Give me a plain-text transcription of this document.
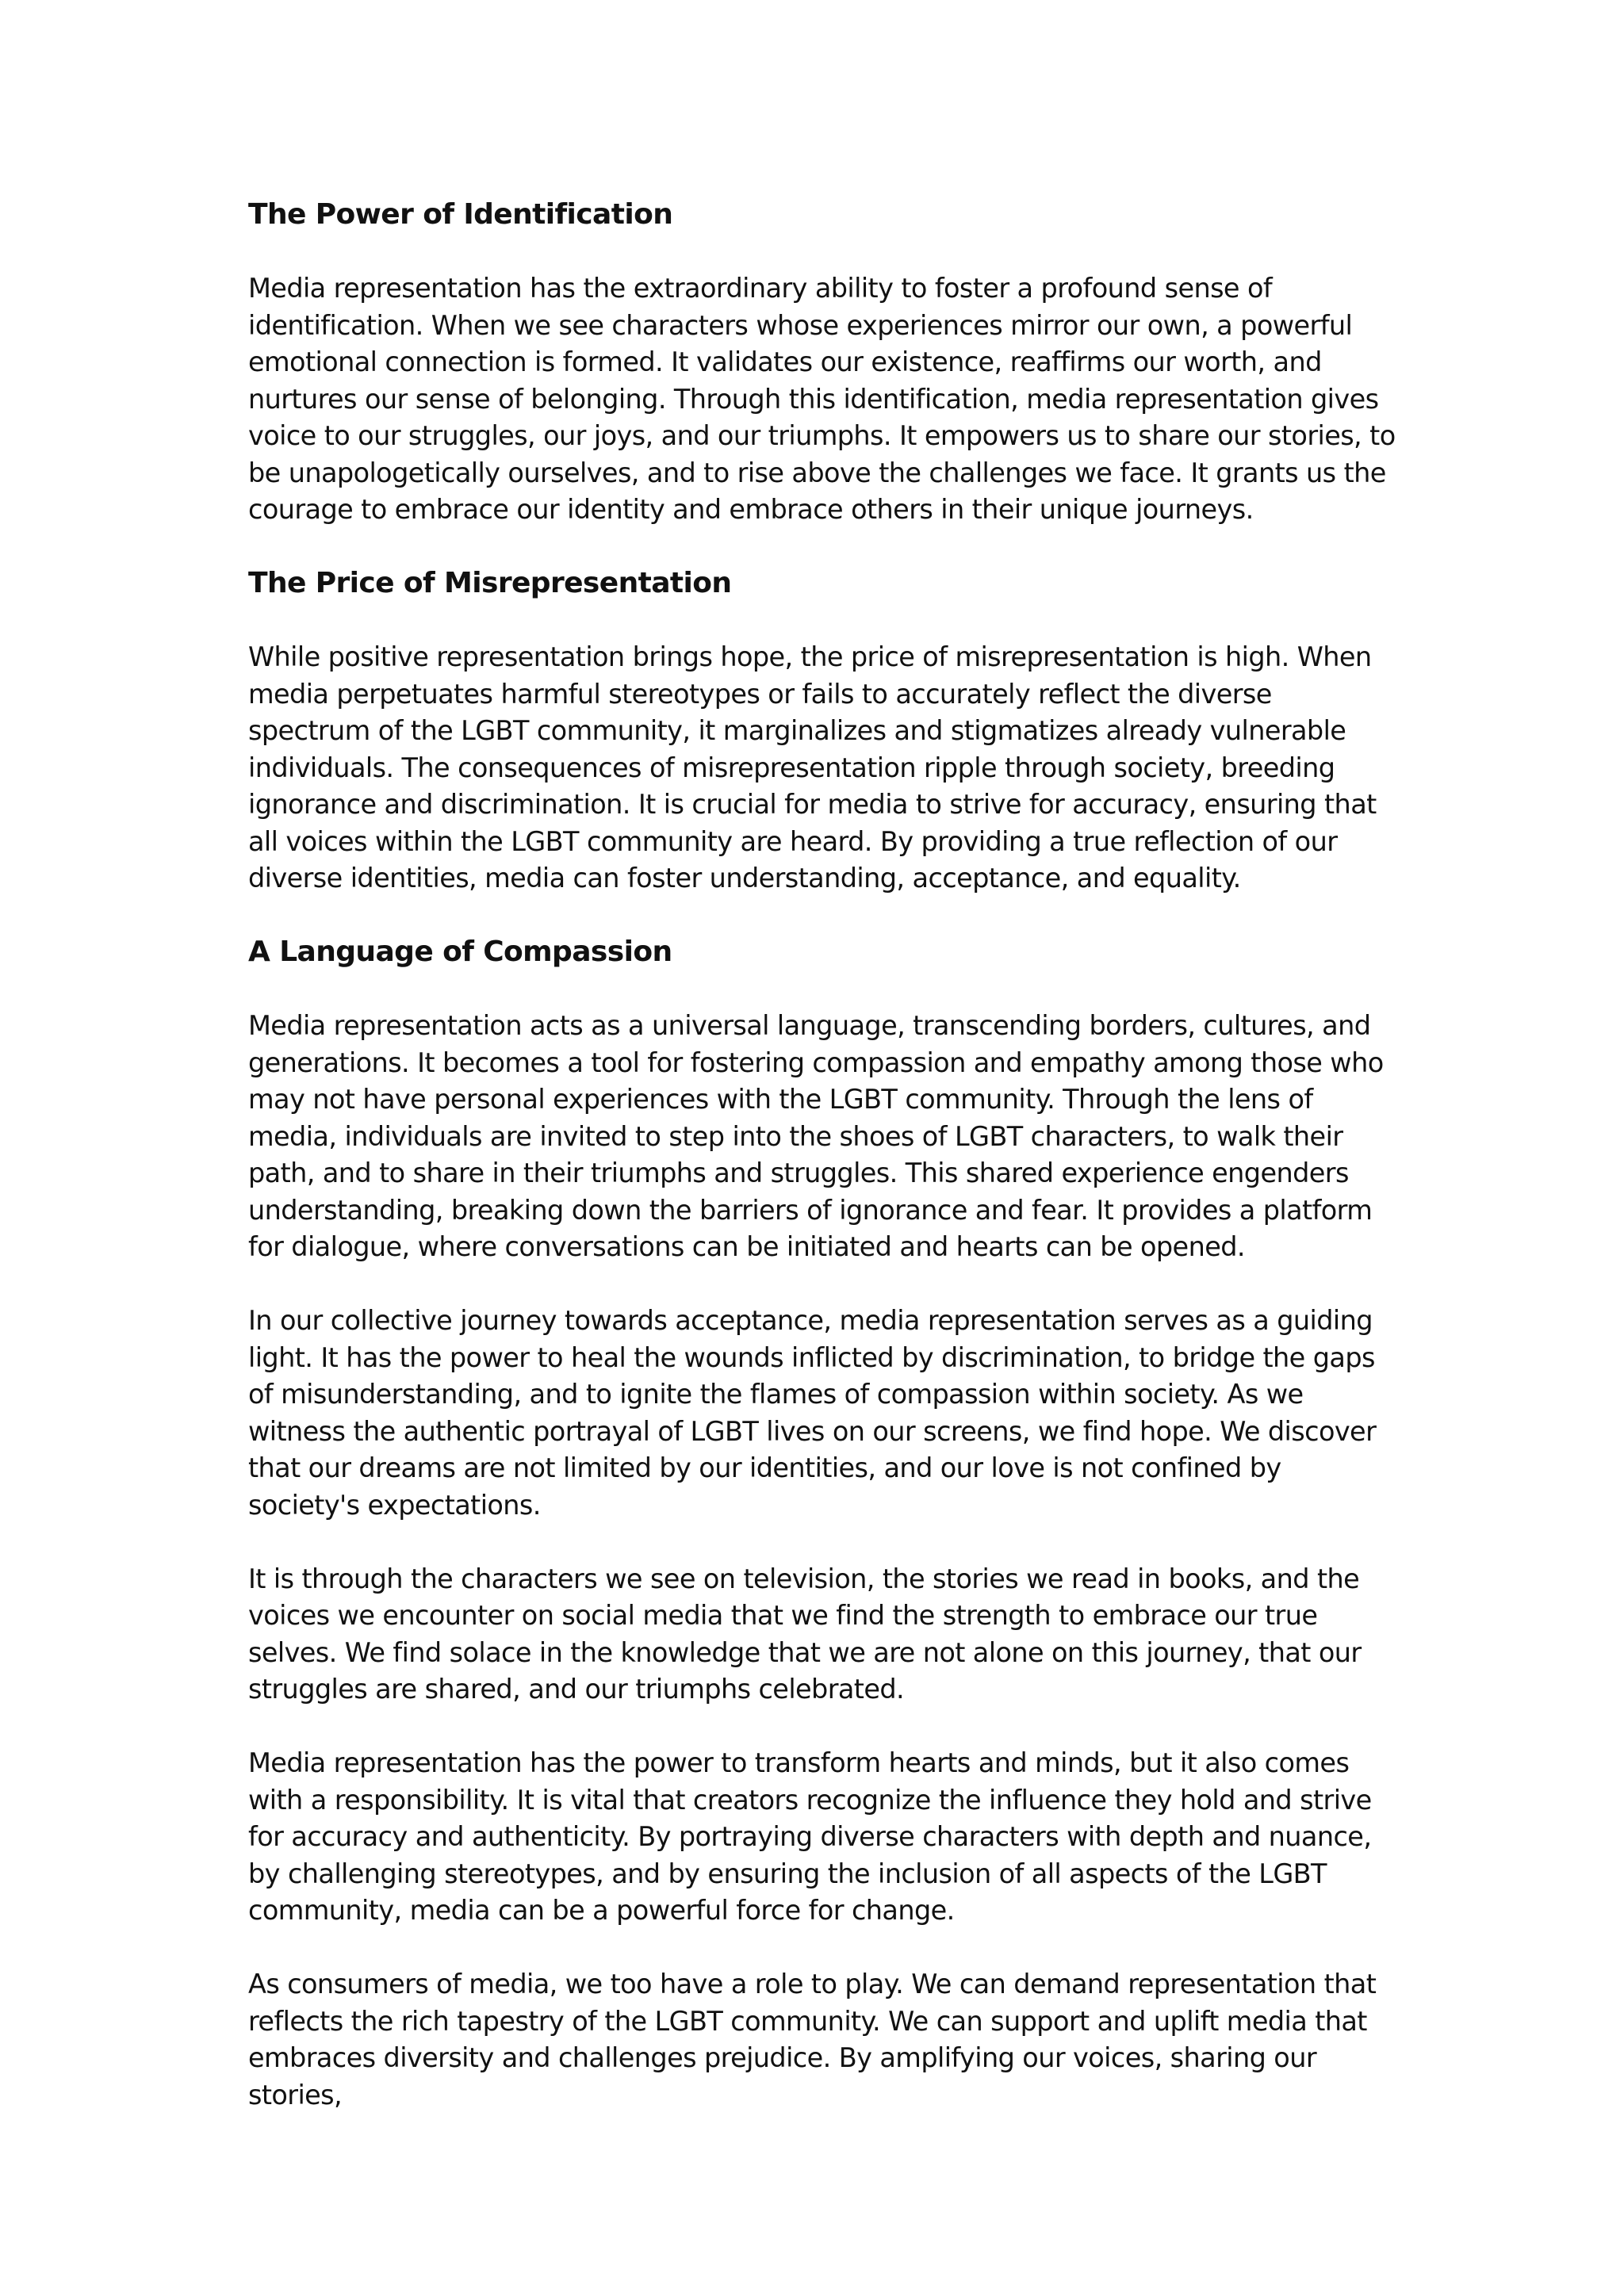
The Power of Identification

Media representation has the extraordinary ability to foster a profound sense of identification. When we see characters whose experiences mirror our own, a powerful emotional connection is formed. It validates our existence, reaffirms our worth, and nurtures our sense of belonging. Through this identification, media representation gives voice to our struggles, our joys, and our triumphs. It empowers us to share our stories, to be unapologetically ourselves, and to rise above the challenges we face. It grants us the courage to embrace our identity and embrace others in their unique journeys.

The Price of Misrepresentation

While positive representation brings hope, the price of misrepresentation is high. When media perpetuates harmful stereotypes or fails to accurately reflect the diverse spectrum of the LGBT community, it marginalizes and stigmatizes already vulnerable individuals. The consequences of misrepresentation ripple through society, breeding ignorance and discrimination. It is crucial for media to strive for accuracy, ensuring that all voices within the LGBT community are heard. By providing a true reflection of our diverse identities, media can foster understanding, acceptance, and equality.

A Language of Compassion

Media representation acts as a universal language, transcending borders, cultures, and generations. It becomes a tool for fostering compassion and empathy among those who may not have personal experiences with the LGBT community. Through the lens of media, individuals are invited to step into the shoes of LGBT characters, to walk their path, and to share in their triumphs and struggles. This shared experience engenders understanding, breaking down the barriers of ignorance and fear. It provides a platform for dialogue, where conversations can be initiated and hearts can be opened.

In our collective journey towards acceptance, media representation serves as a guiding light. It has the power to heal the wounds inflicted by discrimination, to bridge the gaps of misunderstanding, and to ignite the flames of compassion within society. As we witness the authentic portrayal of LGBT lives on our screens, we find hope. We discover that our dreams are not limited by our identities, and our love is not confined by society's expectations.

It is through the characters we see on television, the stories we read in books, and the voices we encounter on social media that we find the strength to embrace our true selves. We find solace in the knowledge that we are not alone on this journey, that our struggles are shared, and our triumphs celebrated.

Media representation has the power to transform hearts and minds, but it also comes with a responsibility. It is vital that creators recognize the influence they hold and strive for accuracy and authenticity. By portraying diverse characters with depth and nuance, by challenging stereotypes, and by ensuring the inclusion of all aspects of the LGBT community, media can be a powerful force for change.

As consumers of media, we too have a role to play. We can demand representation that reflects the rich tapestry of the LGBT community. We can support and uplift media that embraces diversity and challenges prejudice. By amplifying our voices, sharing our stories,
